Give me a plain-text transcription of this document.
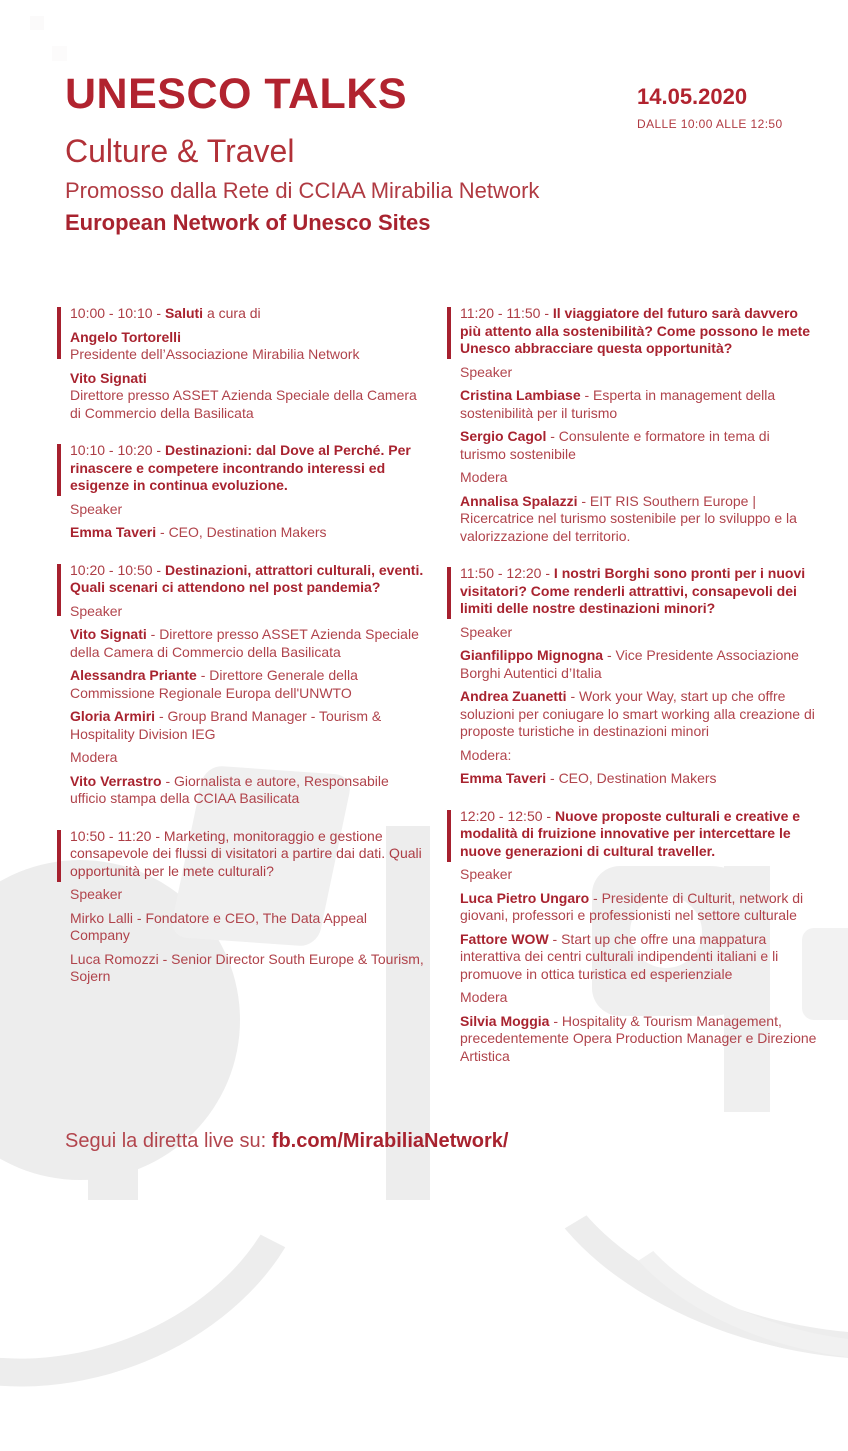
UNESCO TALKS
Culture & Travel
Promosso dalla Rete di CCIAA Mirabilia Network
European Network of Unesco Sites

14.05.2020

DALLE 10:00 ALLE 12:50

10:00 - 10:10 - Saluti a cura di

Angelo Tortorelli
Presidente dell’Associazione Mirabilia Network

Vito Signati
Direttore presso ASSET Azienda Speciale della Camera di Commercio della Basilicata

10:10 - 10:20 - Destinazioni: dal Dove al Perché. Per rinascere e competere incontrando interessi ed esigenze in continua evoluzione.

Speaker

Emma Taveri - CEO, Destination Makers

10:20 - 10:50 - Destinazioni, attrattori culturali, eventi. Quali scenari ci attendono nel post pandemia?

Speaker

Vito Signati - Direttore presso ASSET Azienda Speciale della Camera di Commercio della Basilicata

Alessandra Priante - Direttore Generale della Commissione Regionale Europa dell'UNWTO

Gloria Armiri - Group Brand Manager - Tourism & Hospitality Division IEG

Modera

Vito Verrastro - Giornalista e autore, Responsabile ufficio stampa della CCIAA Basilicata

10:50 - 11:20 - Marketing, monitoraggio e gestione consapevole dei flussi di visitatori a partire dai dati. Quali opportunità per le mete culturali?

Speaker

Mirko Lalli - Fondatore e CEO, The Data Appeal Company

Luca Romozzi - Senior Director South Europe & Tourism, Sojern

11:20 - 11:50 - Il viaggiatore del futuro sarà davvero più attento alla sostenibilità? Come possono le mete Unesco abbracciare questa opportunità?

Speaker

Cristina Lambiase - Esperta in management della sostenibilità per il turismo

Sergio Cagol - Consulente e formatore in tema di turismo sostenibile

Modera

Annalisa Spalazzi - EIT RIS Southern Europe | Ricercatrice nel turismo sostenibile per lo sviluppo e la valorizzazione del territorio.

11:50 - 12:20 - I nostri Borghi sono pronti per i nuovi visitatori? Come renderli attrattivi, consapevoli dei limiti delle nostre destinazioni minori?

Speaker

Gianfilippo Mignogna - Vice Presidente Associazione Borghi Autentici d’Italia

Andrea Zuanetti - Work your Way, start up che offre soluzioni per coniugare lo smart working alla creazione di proposte turistiche in destinazioni minori

Modera:

Emma Taveri - CEO, Destination Makers

12:20 - 12:50 - Nuove proposte culturali e creative e modalità di fruizione innovative per intercettare le nuove generazioni di cultural traveller.

Speaker

Luca Pietro Ungaro - Presidente di Culturit, network di giovani, professori e professionisti nel settore culturale

Fattore WOW - Start up che offre una mappatura interattiva dei centri culturali indipendenti italiani e li promuove in ottica turistica ed esperienziale

Modera

Silvia Moggia - Hospitality & Tourism Management, precedentemente Opera Production Manager e Direzione Artistica

Segui la diretta live su: fb.com/MirabiliaNetwork/
